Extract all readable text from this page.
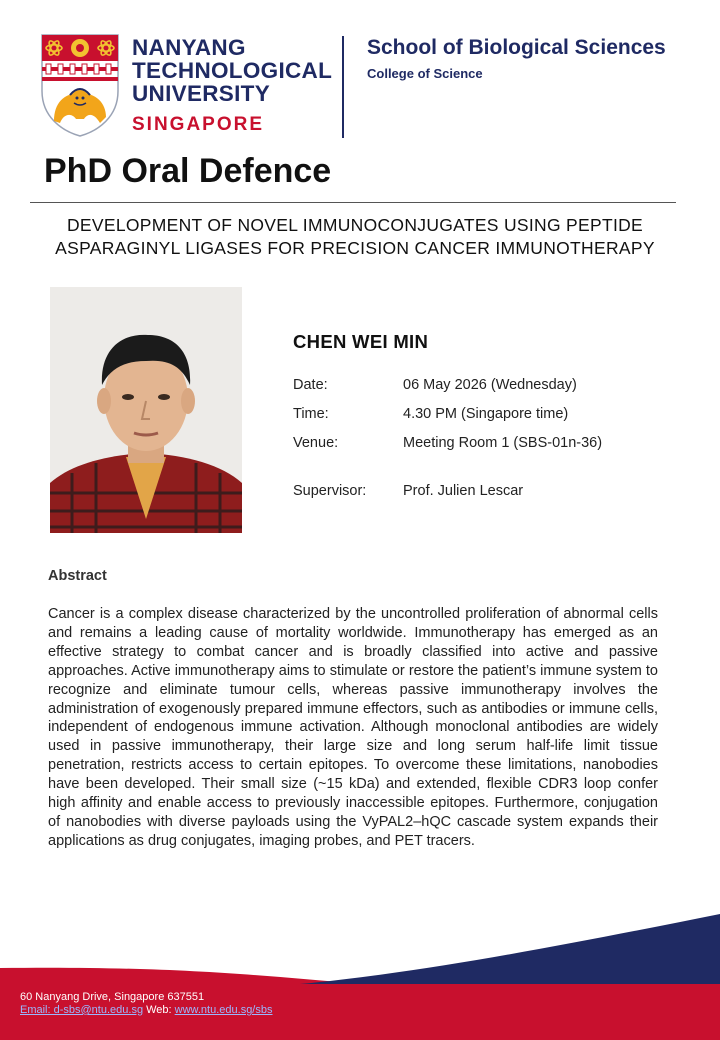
NANYANG
TECHNOLOGICAL
UNIVERSITY
SINGAPORE
School of Biological Sciences
College of Science
PhD Oral Defence
DEVELOPMENT OF NOVEL IMMUNOCONJUGATES USING PEPTIDE
ASPARAGINYL LIGASES FOR PRECISION CANCER IMMUNOTHERAPY
CHEN WEI MIN
Date:	06 May 2026 (Wednesday)
Time:	4.30 PM (Singapore time)
Venue:	Meeting Room 1 (SBS-01n-36)
Supervisor:	Prof. Julien Lescar
Abstract
Cancer is a complex disease characterized by the uncontrolled proliferation of abnormal cells and remains a leading cause of mortality worldwide. Immunotherapy has emerged as an effective strategy to combat cancer and is broadly classified into active and passive approaches. Active immunotherapy aims to stimulate or restore the patient’s immune system to recognize and eliminate tumour cells, whereas passive immunotherapy involves the administration of exogenously prepared immune effectors, such as antibodies or immune cells, independent of endogenous immune activation. Although monoclonal antibodies are widely used in passive immunotherapy, their large size and long serum half-life limit tissue penetration, restricts access to certain epitopes. To overcome these limitations, nanobodies have been developed. Their small size (~15 kDa) and extended, flexible CDR3 loop confer high affinity and enable access to previously inaccessible epitopes. Furthermore, conjugation of nanobodies with diverse payloads using the VyPAL2–hQC cascade system expands their applications as drug conjugates, imaging probes, and PET tracers.
60 Nanyang Drive, Singapore 637551
Email: d-sbs@ntu.edu.sg Web: www.ntu.edu.sg/sbs
